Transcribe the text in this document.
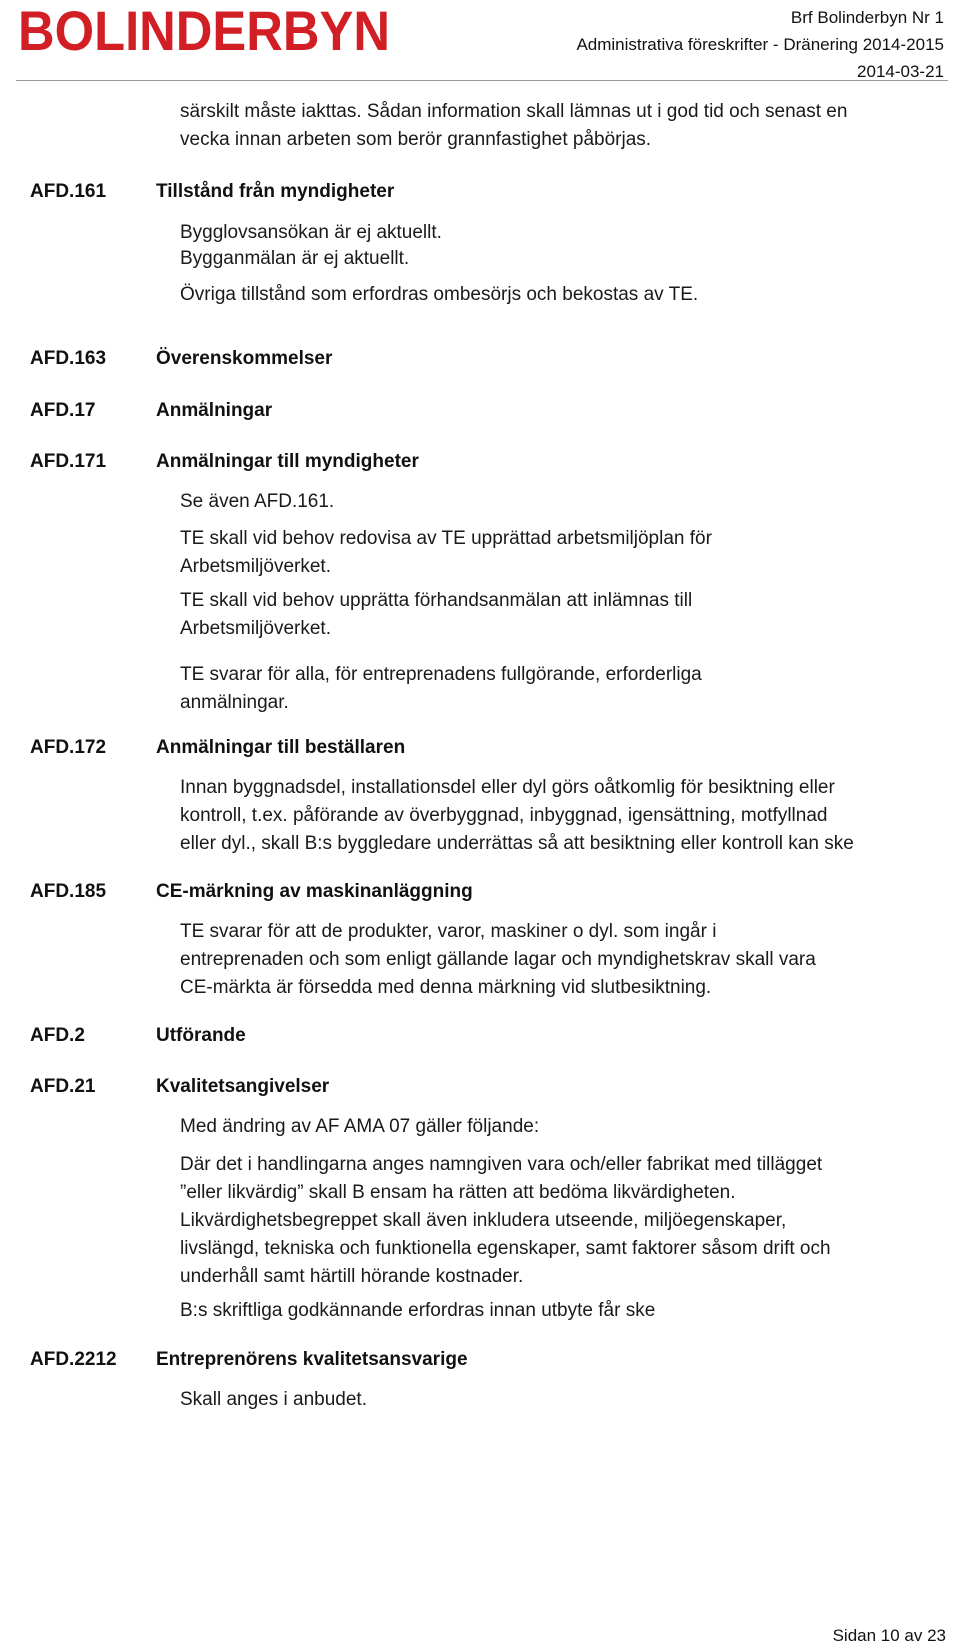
BOLINDERBYN	Brf Bolinderbyn Nr 1
Administrativa föreskrifter - Dränering 2014-2015
2014-03-21
särskilt måste iakttas. Sådan information skall lämnas ut i god tid och senast en
vecka innan arbeten som berör grannfastighet påbörjas.
AFD.161	Tillstånd från myndigheter
Bygglovsansökan är ej aktuellt.
Bygganmälan är ej aktuellt.
Övriga tillstånd som erfordras ombesörjs och bekostas av TE.
AFD.163	Överenskommelser
AFD.17	Anmälningar
AFD.171	Anmälningar till myndigheter
Se även AFD.161.
TE skall vid behov redovisa av TE upprättad arbetsmiljöplan för
Arbetsmiljöverket.
TE skall vid behov upprätta förhandsanmälan att inlämnas till
Arbetsmiljöverket.
TE svarar för alla, för entreprenadens fullgörande, erforderliga
anmälningar.
AFD.172	Anmälningar till beställaren
Innan byggnadsdel, installationsdel eller dyl görs oåtkomlig för besiktning eller
kontroll, t.ex. påförande av överbyggnad, inbyggnad, igensättning, motfyllnad
eller dyl., skall B:s byggledare underrättas så att besiktning eller kontroll kan ske
AFD.185	CE-märkning av maskinanläggning
TE svarar för att de produkter, varor, maskiner o dyl. som ingår i
entreprenaden och som enligt gällande lagar och myndighetskrav skall vara
CE-märkta är försedda med denna märkning vid slutbesiktning.
AFD.2	Utförande
AFD.21	Kvalitetsangivelser
Med ändring av AF AMA 07 gäller följande:
Där det i handlingarna anges namngiven vara och/eller fabrikat med tillägget
”eller likvärdig” skall B ensam ha rätten att bedöma likvärdigheten.
Likvärdighetsbegreppet skall även inkludera utseende, miljöegenskaper,
livslängd, tekniska och funktionella egenskaper, samt faktorer såsom drift och
underhåll samt härtill hörande kostnader.
B:s skriftliga godkännande erfordras innan utbyte får ske
AFD.2212 Entreprenörens kvalitetsansvarige
Skall anges i anbudet.
Sidan 10 av 23
